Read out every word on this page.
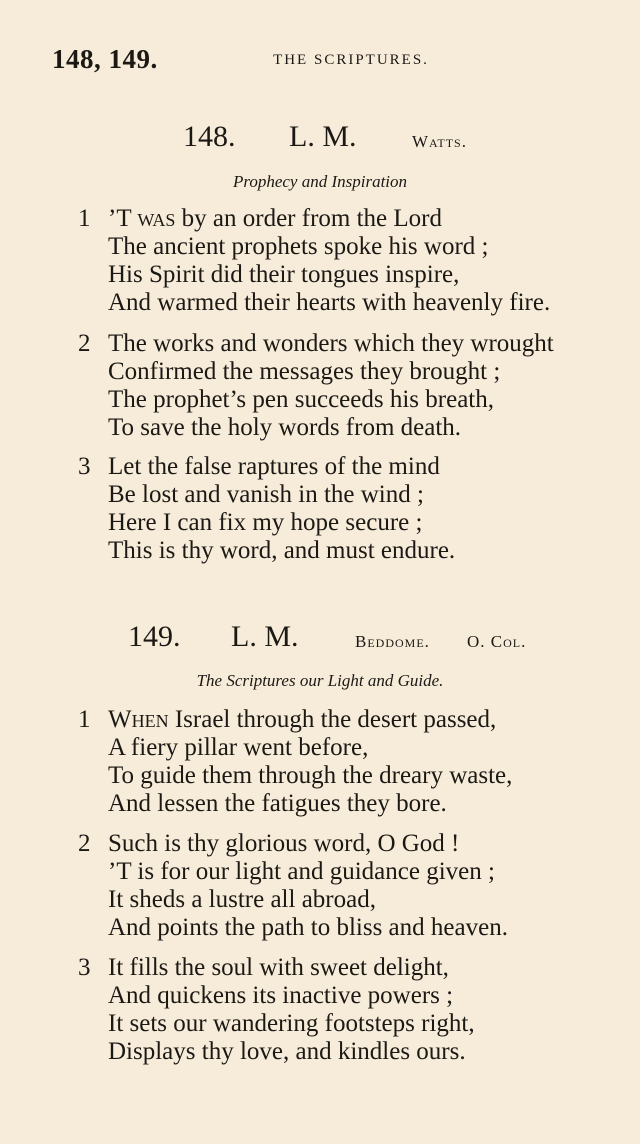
148, 149.	THE SCRIPTURES.
148. L. M.	Watts.
Prophecy and Inspiration
1 ’T was by an order from the Lord
The ancient prophets spoke his word ;
His Spirit did their tongues inspire,
And warmed their hearts with heavenly fire.
2 The works and wonders which they wrought
Confirmed the messages they brought ;
The prophet’s pen succeeds his breath,
To save the holy words from death.
3 Let the false raptures of the mind
Be lost and vanish in the wind ;
Here I can fix my hope secure ;
This is thy word, and must endure.
149. L. M.	Beddome. O. Col.
The Scriptures our Light and Guide.
1 When Israel through the desert passed,
A fiery pillar went before,
To guide them through the dreary waste,
And lessen the fatigues they bore.
2 Such is thy glorious word, O God !
’T is for our light and guidance given ;
It sheds a lustre all abroad,
And points the path to bliss and heaven.
3 It fills the soul with sweet delight,
And quickens its inactive powers ;
It sets our wandering footsteps right,
Displays thy love, and kindles ours.
